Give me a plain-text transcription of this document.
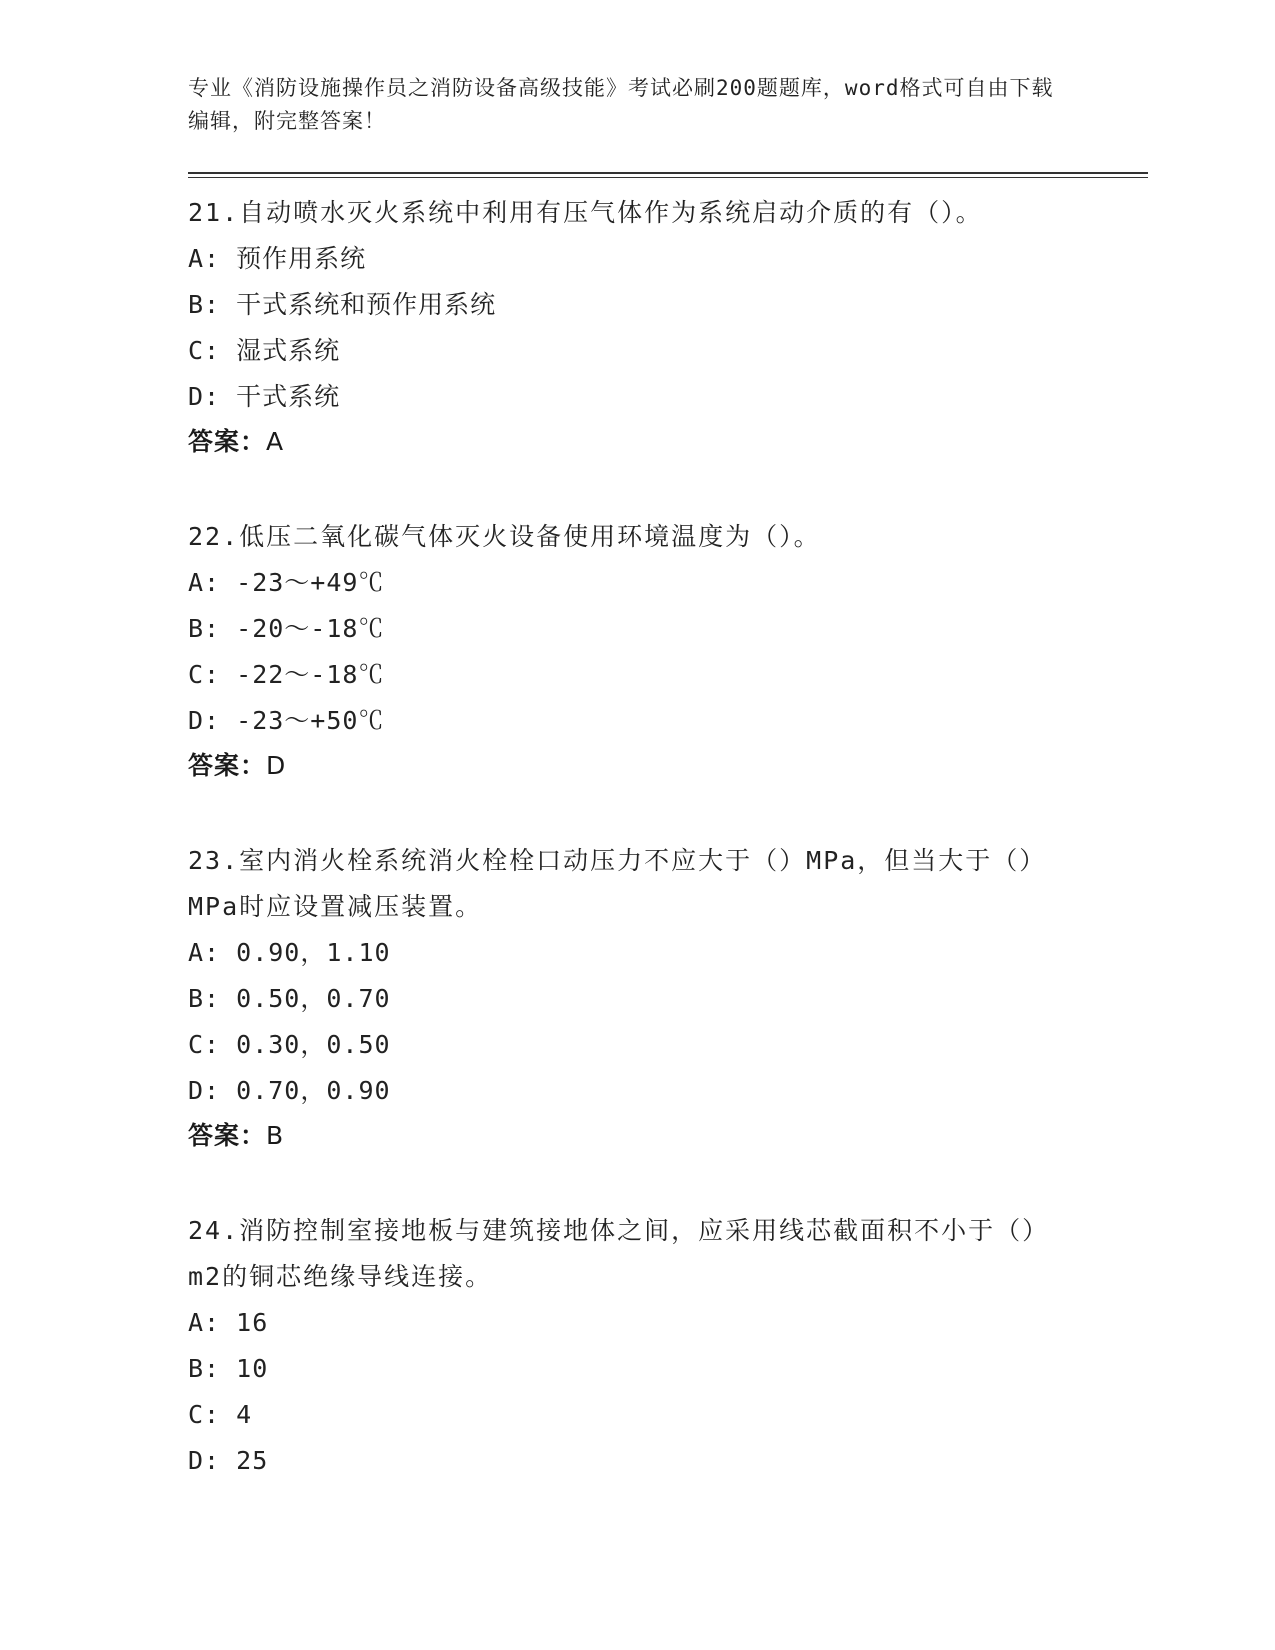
专业《消防设施操作员之消防设备高级技能》考试必刷200题题库，word格式可自由下载编辑，附完整答案！
21.自动喷水灭火系统中利用有压气体作为系统启动介质的有（）。
A: 预作用系统
B: 干式系统和预作用系统
C: 湿式系统
D: 干式系统
答案：A
22.低压二氧化碳气体灭火设备使用环境温度为（）。
A: -23～+49℃
B: -20～-18℃
C: -22～-18℃
D: -23～+50℃
答案：D
23.室内消火栓系统消火栓栓口动压力不应大于（）MPa，但当大于（）MPa时应设置减压装置。
A: 0.90，1.10
B: 0.50，0.70
C: 0.30，0.50
D: 0.70，0.90
答案：B
24.消防控制室接地板与建筑接地体之间，应采用线芯截面积不小于（）m2的铜芯绝缘导线连接。
A: 16
B: 10
C: 4
D: 25
